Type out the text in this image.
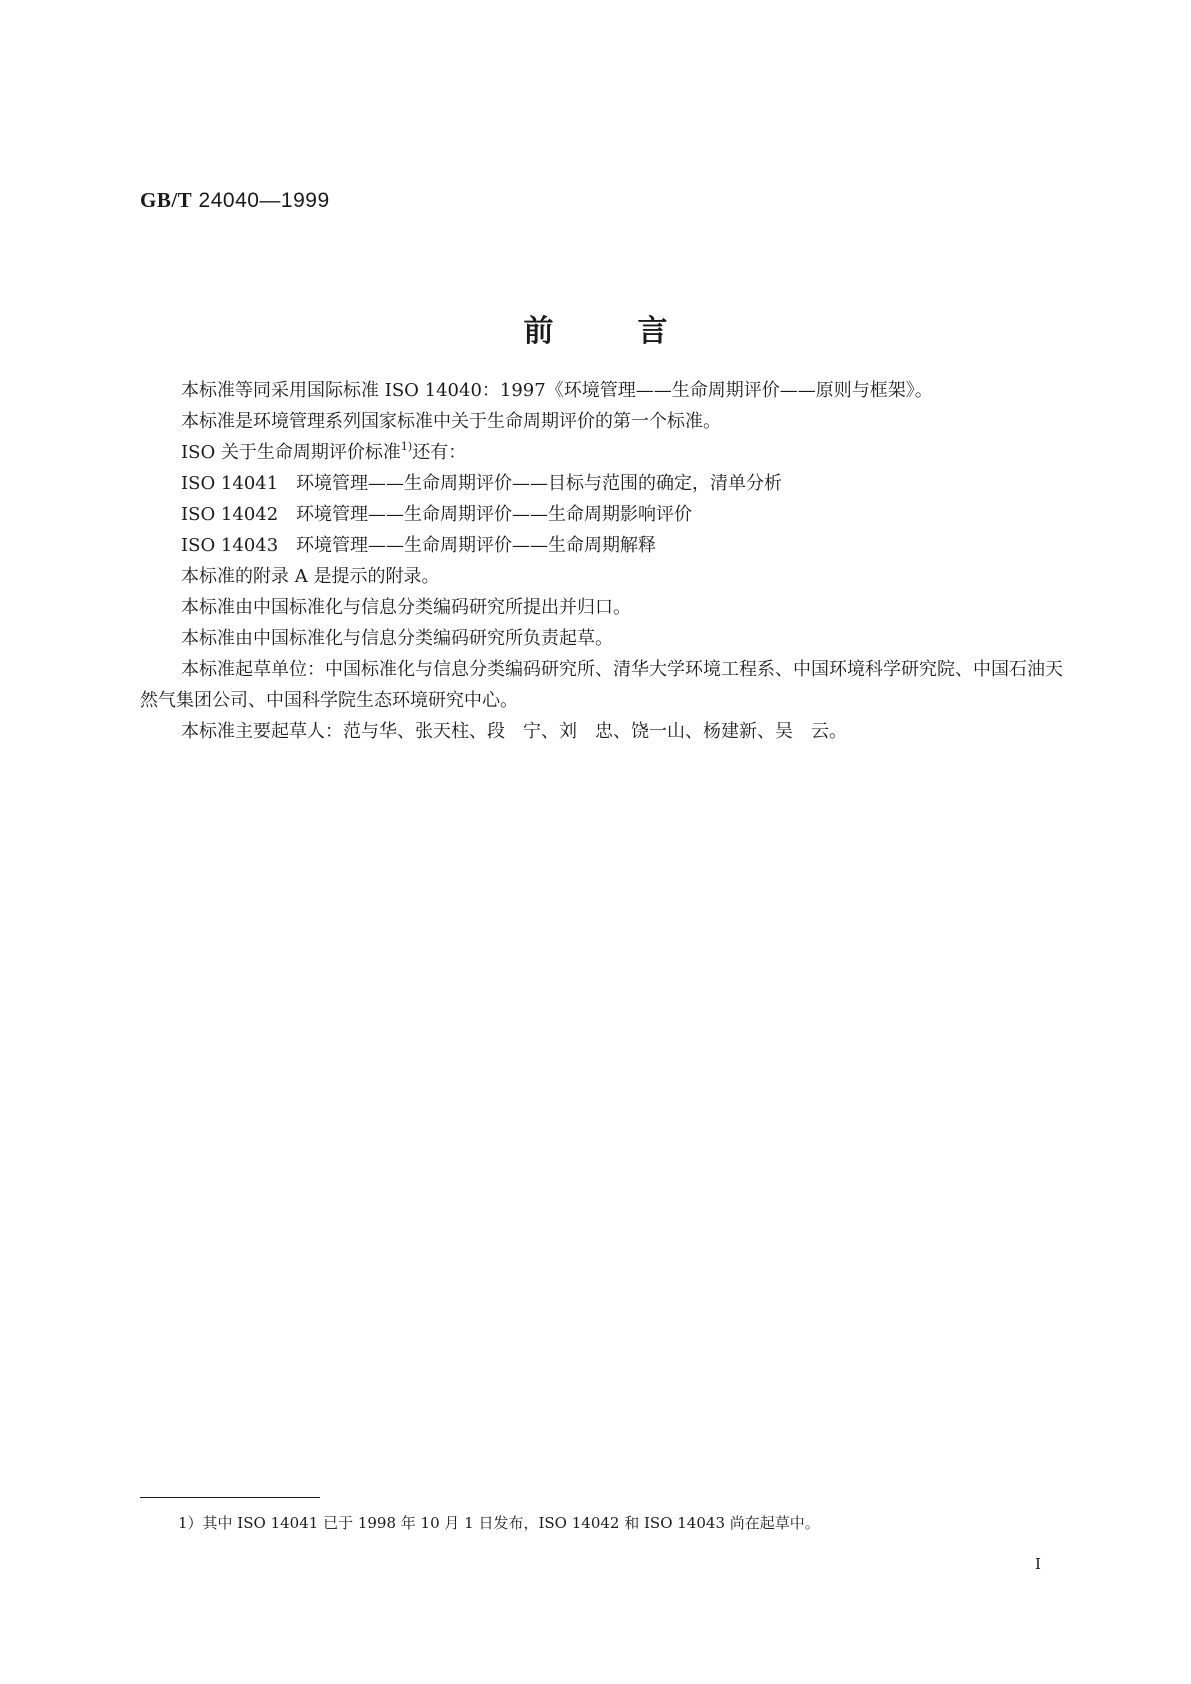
GB/T 24040—1999
前言

本标准等同采用国际标准 ISO 14040：1997《环境管理——生命周期评价——原则与框架》。

本标准是环境管理系列国家标准中关于生命周期评价的第一个标准。

ISO 关于生命周期评价标准$^{1)}$还有：

ISO 14041 环境管理——生命周期评价——目标与范围的确定，清单分析

ISO 14042 环境管理——生命周期评价——生命周期影响评价

ISO 14043 环境管理——生命周期评价——生命周期解释

本标准的附录 A 是提示的附录。

本标准由中国标准化与信息分类编码研究所提出并归口。

本标准由中国标准化与信息分类编码研究所负责起草。

本标准起草单位：中国标准化与信息分类编码研究所、清华大学环境工程系、中国环境科学研究院、中国石油天然气集团公司、中国科学院生态环境研究中心。

本标准主要起草人：范与华、张天柱、段　宁、刘　忠、饶一山、杨建新、吴　云。

1）其中 ISO 14041 已于 1998 年 10 月 1 日发布，ISO 14042 和 ISO 14043 尚在起草中。
I
